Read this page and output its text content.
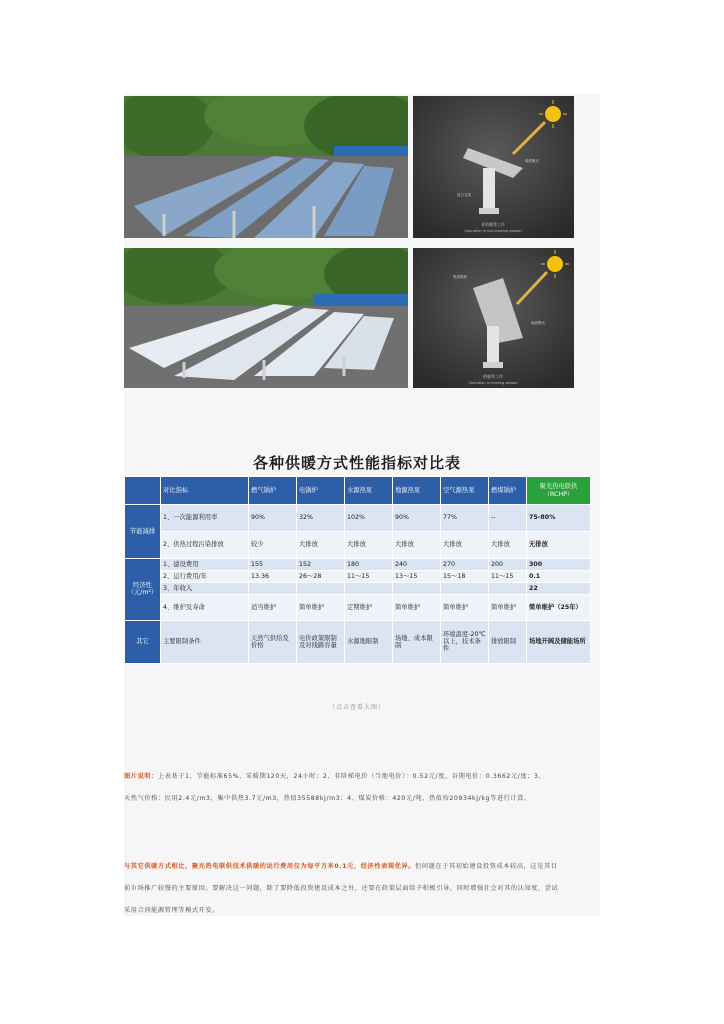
追日支架
镜面聚光
非供暖季工作
Operation in non-heating season
集热模块
镜面聚光
供暖季工作
Operation in heating season
各种供暖方式性能指标对比表
	对比指标	燃气锅炉	电锅炉	水源热泵	地源热泵	空气源热泵	燃煤锅炉	聚光热电联供（RCHP）
节能减排	1、一次能源利用率	90%	32%	102%	90%	77%	--	75-80%
	2、供热过程污染排放	较少	大排放	大排放	大排放	大排放	大排放	无排放
经济性（元/m²）	1、建设费用	155	152	180	240	270	200	300
	2、运行费用/年	13.36	26～28	11～15	13～15	15～18	11～15	0.1
	3、年收入							22
	4、维护及寿命	适当维护	简单维护	定期维护	简单维护	简单维护	简单维护	简单维护（25年）
其它	主要限制条件	天然气供给及价格	电价政策限制及对线路容量	水源地限制	场地、成本限制	环境温度-20℃以上，技术条件	排放限制	场地开阔及储能场所
（点击查看大图）
图片说明：上表基于1、节能标准65%，采暖期120天，24小时；2、非阶梯电价（当地电价）：0.52元/度，谷期电价：0.3662元/度；3、
天然气价格：民用2.4元/m3，集中供热3.7元/m3，热值35588kJ/m3；4、煤炭价格：420元/吨，热值按20934kJ/kg等进行计算。
与其它供暖方式相比，聚光热电联供技术供暖的运行费用仅为每平方米0.1元，经济性表现优异。但问题在于其初始建设投资成本较高，这是其目
前市场推广较慢的主要原因。要解决这一问题，除了要降低投资建设成本之外，还要在政策层面给予积极引导，同时增强社会对其的认知度，尝试
采用合同能源管理等模式开发。
